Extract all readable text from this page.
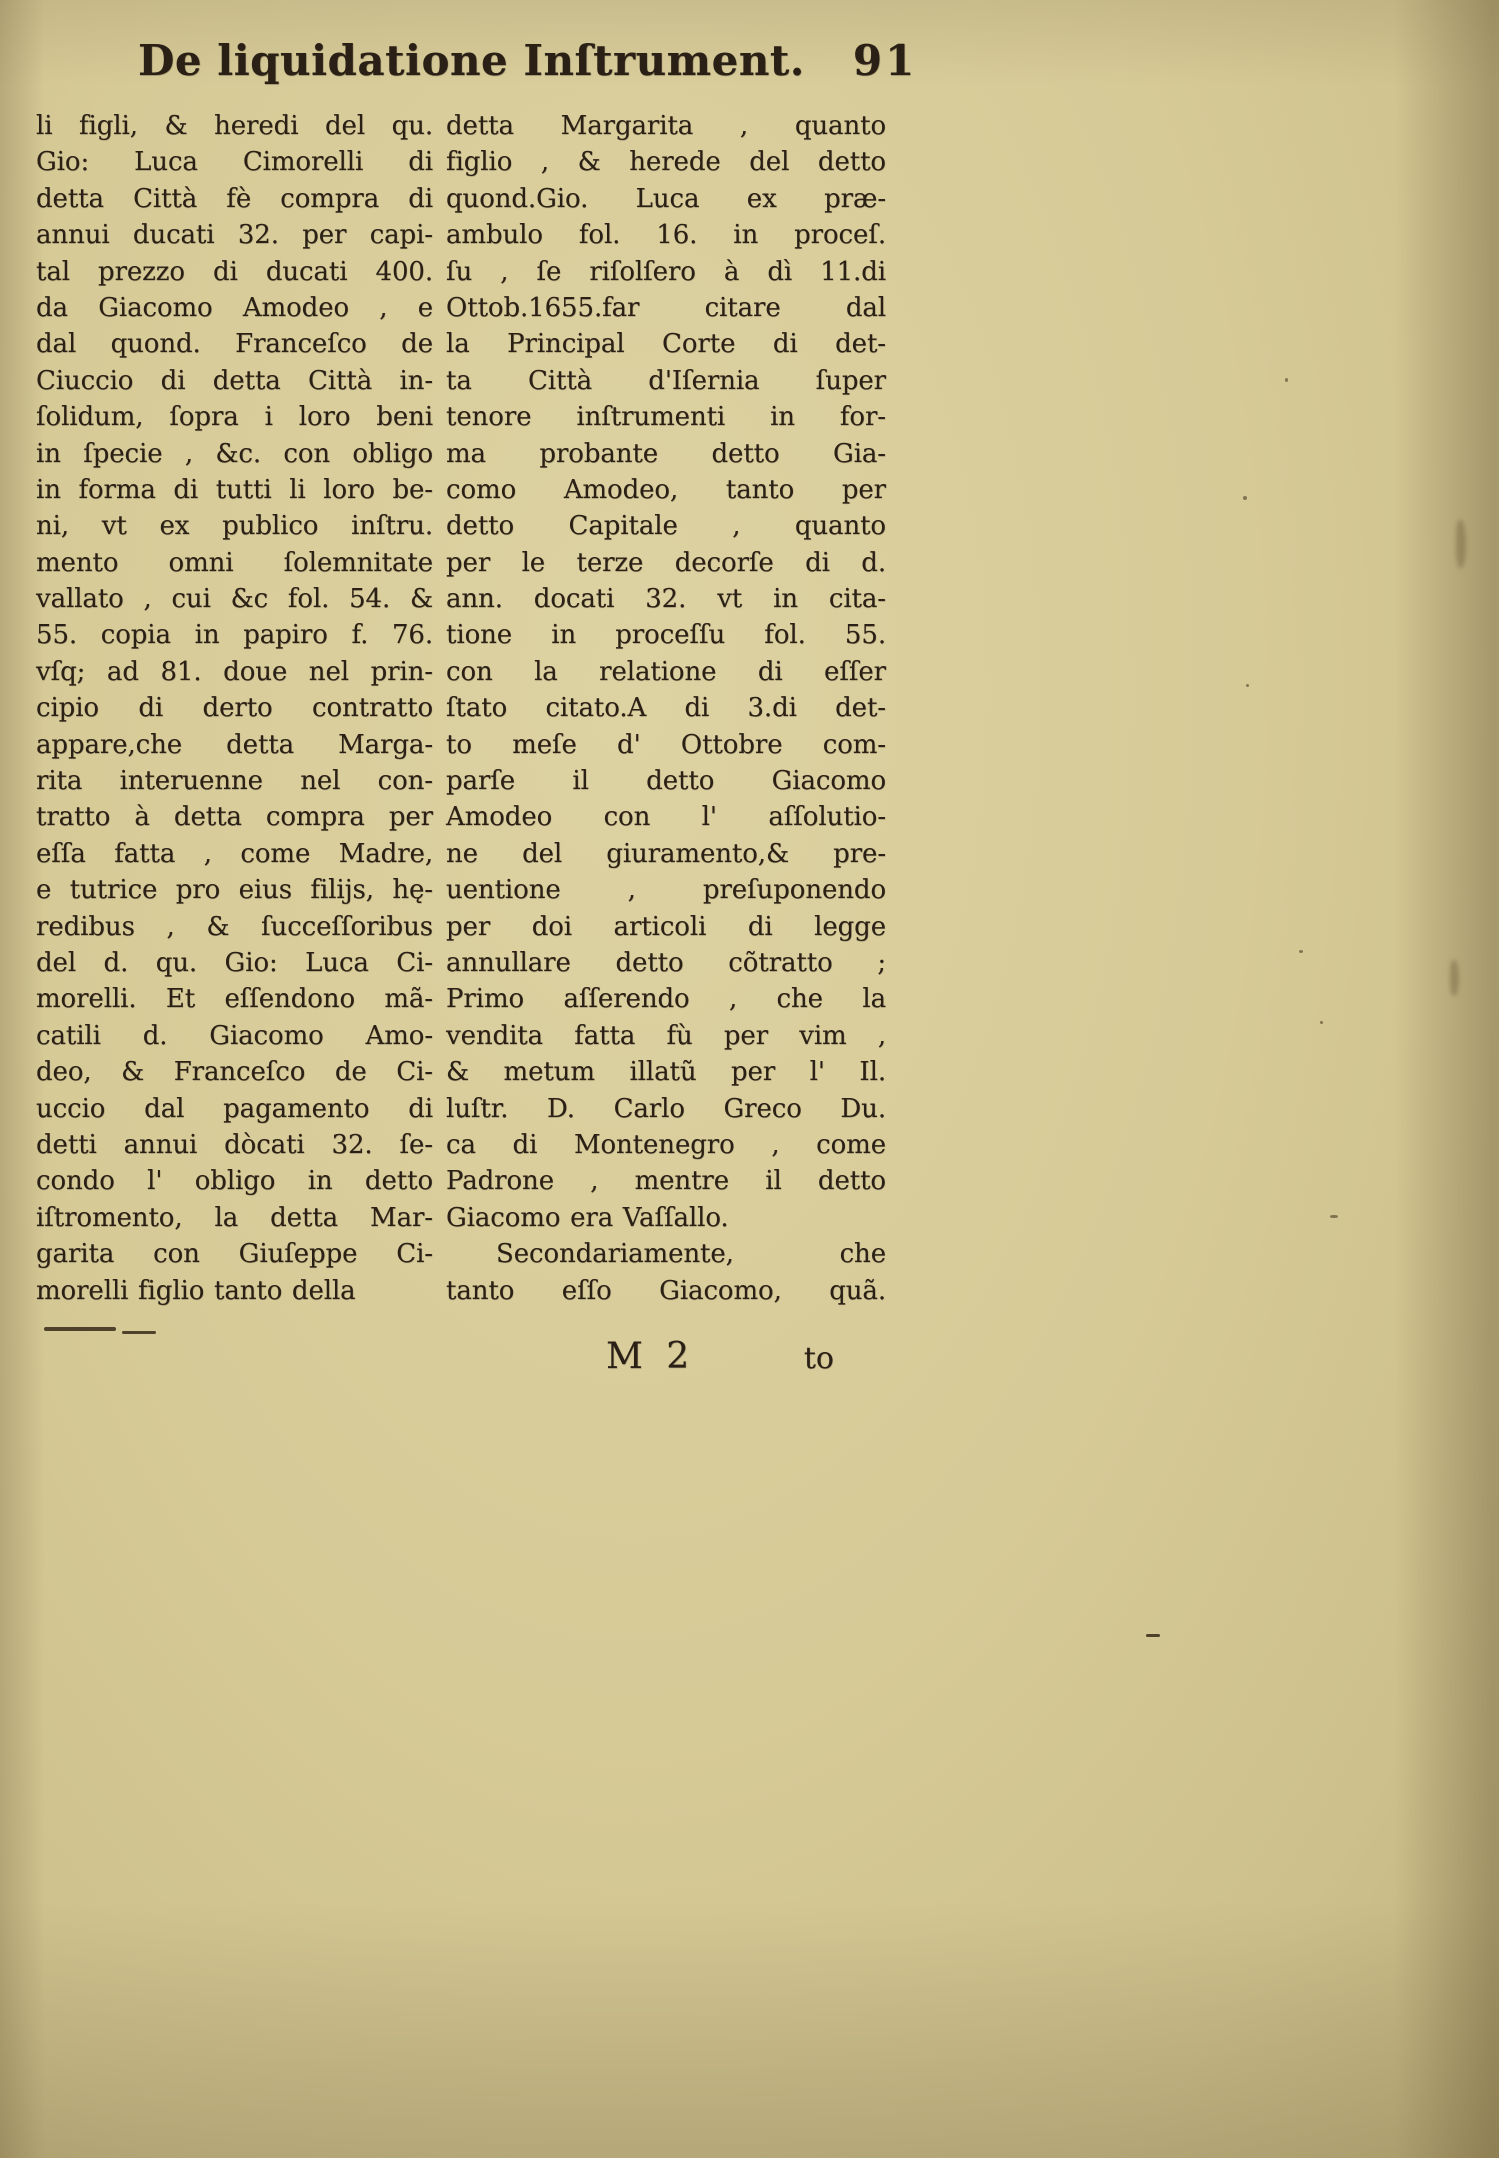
De liquidatione Inſtrument. 91
li figli, & heredi del qu.
Gio: Luca Cimorelli di
detta Città fè compra di
annui ducati 32. per capi-
tal prezzo di ducati 400.
da Giacomo Amodeo , e
dal quond. Franceſco de
Ciuccio di detta Città in-
ſolidum, ſopra i loro beni
in ſpecie , &c. con obligo
in forma di tutti li loro be-
ni, vt ex publico inſtru.
mento omni ſolemnitate
vallato , cui &c fol. 54. &
55. copia in papiro f. 76.
vſq; ad 81. doue nel prin-
cipio di derto contratto
appare,che detta Marga-
rita interuenne nel con-
tratto à detta compra per
eſſa fatta , come Madre,
e tutrice pro eius filijs, hę-
redibus , & ſucceſſoribus
del d. qu. Gio: Luca Ci-
morelli. Et eſſendono mã-
catili d. Giacomo Amo-
deo, & Franceſco de Ci-
uccio dal pagamento di
detti annui dòcati 32. ſe-
condo l' obligo in detto
iſtromento, la detta Mar-
garita con Giuſeppe Ci-
morelli figlio tanto della
detta Margarita , quanto
figlio , & herede del detto
quond.Gio. Luca ex præ-
ambulo fol. 16. in proceſ.
ſu , ſe riſolſero à dì 11.di
Ottob.1655.far citare dal
la Principal Corte di det-
ta Città d'Iſernia ſuper
tenore inſtrumenti in for-
ma probante detto Gia-
como Amodeo, tanto per
detto Capitale , quanto
per le terze decorſe di d.
ann. docati 32. vt in cita-
tione in proceſſu fol. 55.
con la relatione di eſſer
ſtato citato.A di 3.di det-
to meſe d' Ottobre com-
parſe il detto Giacomo
Amodeo con l' aſſolutio-
ne del giuramento,& pre-
uentione , preſuponendo
per doi articoli di legge
annullare detto cõtratto ;
Primo aſſerendo , che la
vendita fatta fù per vim ,
& metum illatũ per l' Il.
luſtr. D. Carlo Greco Du.
ca di Montenegro , come
Padrone , mentre il detto
Giacomo era Vaſſallo.
Secondariamente, che
tanto eſſo Giacomo, quã.
M 2	to
